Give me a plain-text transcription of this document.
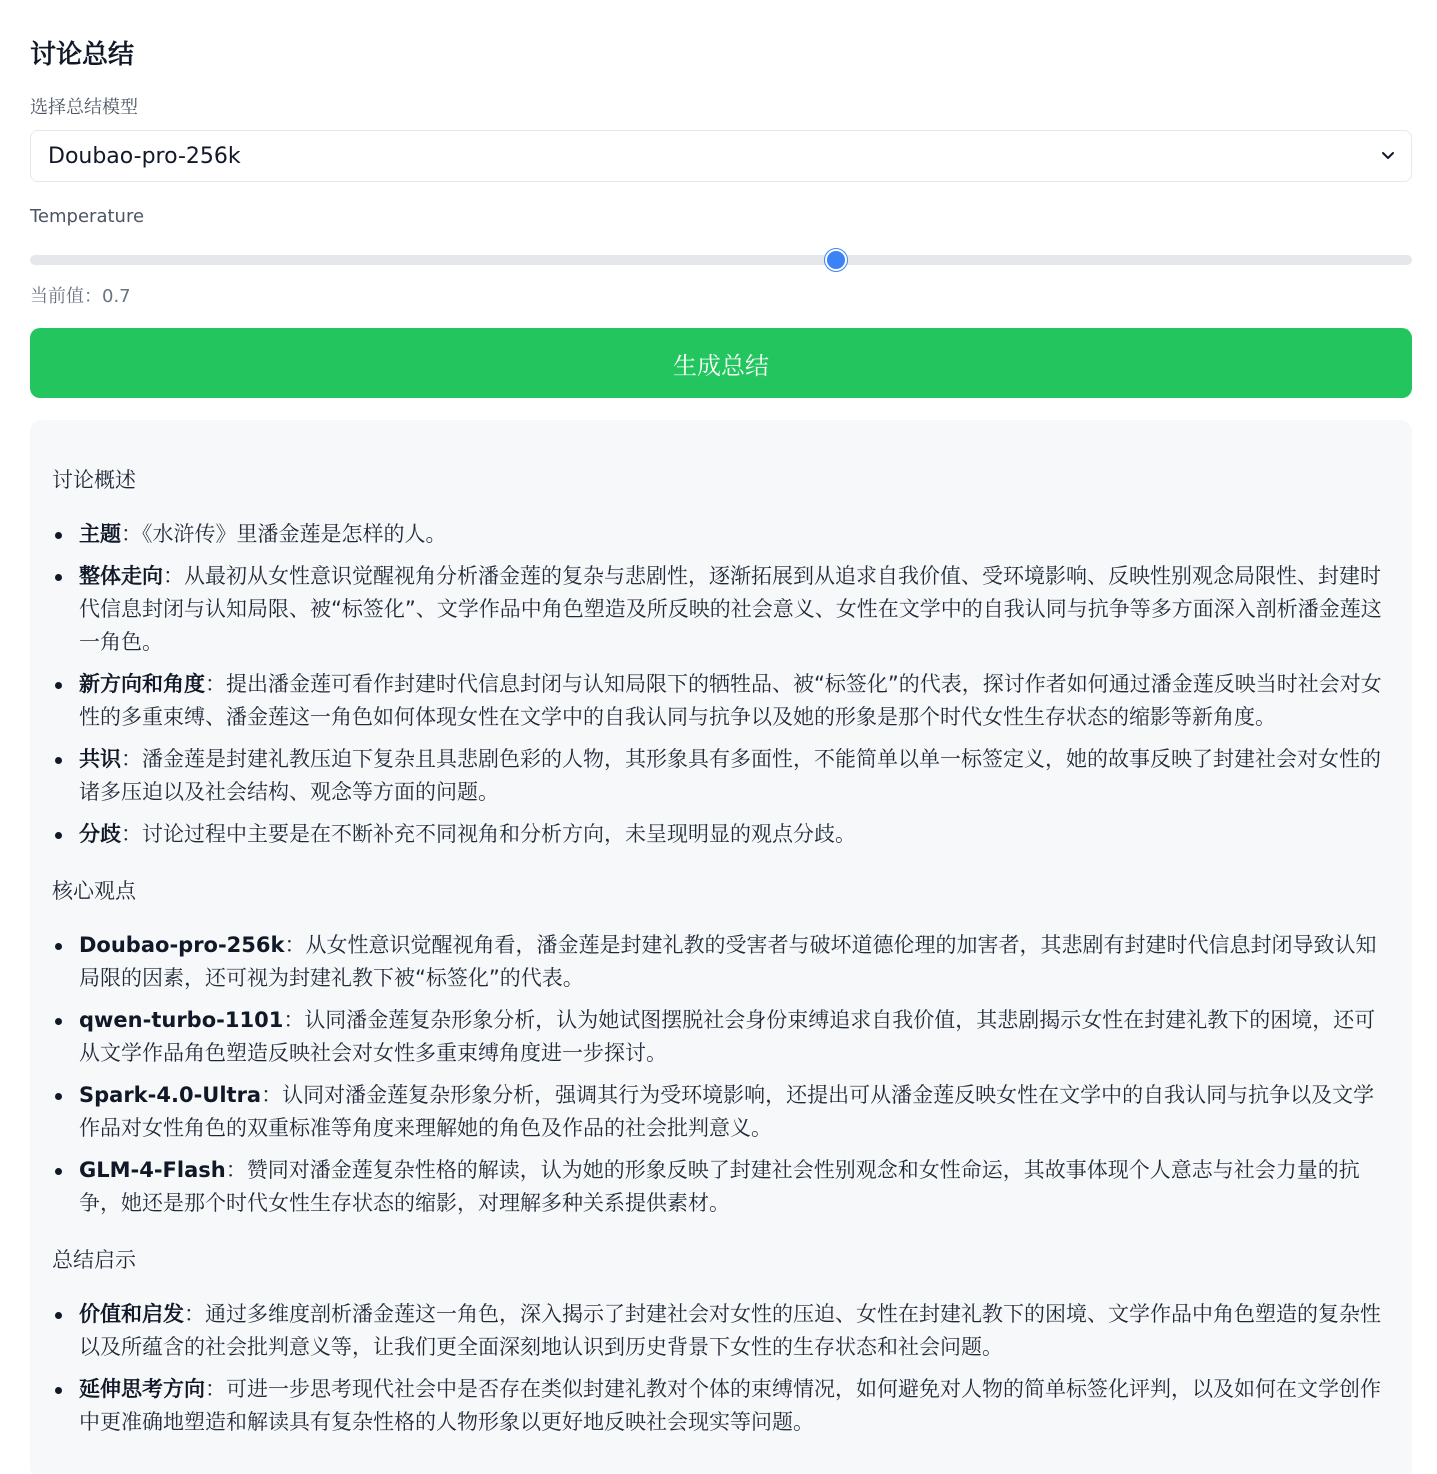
讨论总结
选择总结模型
Doubao-pro-256k
Temperature
当前值：0.7
生成总结
讨论概述
主题：《水浒传》里潘金莲是怎样的人。
整体走向：从最初从女性意识觉醒视角分析潘金莲的复杂与悲剧性，逐渐拓展到从追求自我价值、受环境影响、反映性别观念局限性、封建时代信息封闭与认知局限、被“标签化”、文学作品中角色塑造及所反映的社会意义、女性在文学中的自我认同与抗争等多方面深入剖析潘金莲这一角色。
新方向和角度：提出潘金莲可看作封建时代信息封闭与认知局限下的牺牲品、被“标签化”的代表，探讨作者如何通过潘金莲反映当时社会对女性的多重束缚、潘金莲这一角色如何体现女性在文学中的自我认同与抗争以及她的形象是那个时代女性生存状态的缩影等新角度。
共识：潘金莲是封建礼教压迫下复杂且具悲剧色彩的人物，其形象具有多面性，不能简单以单一标签定义，她的故事反映了封建社会对女性的诸多压迫以及社会结构、观念等方面的问题。
分歧：讨论过程中主要是在不断补充不同视角和分析方向，未呈现明显的观点分歧。
核心观点
Doubao-pro-256k：从女性意识觉醒视角看，潘金莲是封建礼教的受害者与破坏道德伦理的加害者，其悲剧有封建时代信息封闭导致认知局限的因素，还可视为封建礼教下被“标签化”的代表。
qwen-turbo-1101：认同潘金莲复杂形象分析，认为她试图摆脱社会身份束缚追求自我价值，其悲剧揭示女性在封建礼教下的困境，还可从文学作品角色塑造反映社会对女性多重束缚角度进一步探讨。
Spark-4.0-Ultra：认同对潘金莲复杂形象分析，强调其行为受环境影响，还提出可从潘金莲反映女性在文学中的自我认同与抗争以及文学作品对女性角色的双重标准等角度来理解她的角色及作品的社会批判意义。
GLM-4-Flash：赞同对潘金莲复杂性格的解读，认为她的形象反映了封建社会性别观念和女性命运，其故事体现个人意志与社会力量的抗争，她还是那个时代女性生存状态的缩影，对理解多种关系提供素材。
总结启示
价值和启发：通过多维度剖析潘金莲这一角色，深入揭示了封建社会对女性的压迫、女性在封建礼教下的困境、文学作品中角色塑造的复杂性以及所蕴含的社会批判意义等，让我们更全面深刻地认识到历史背景下女性的生存状态和社会问题。
延伸思考方向：可进一步思考现代社会中是否存在类似封建礼教对个体的束缚情况，如何避免对人物的简单标签化评判，以及如何在文学创作中更准确地塑造和解读具有复杂性格的人物形象以更好地反映社会现实等问题。
